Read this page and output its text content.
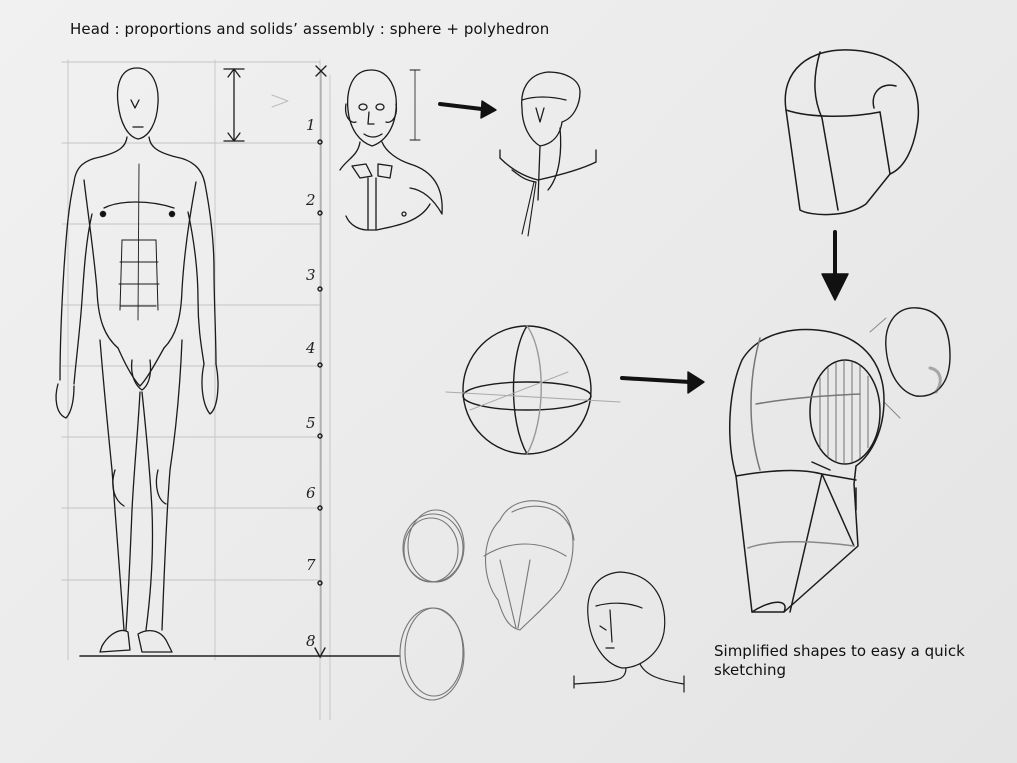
Head : proportions and solids’ assembly : sphere + polyhedron
1
2
3
4
5
6
7
8
Simplified shapes to easy a quick
sketching
